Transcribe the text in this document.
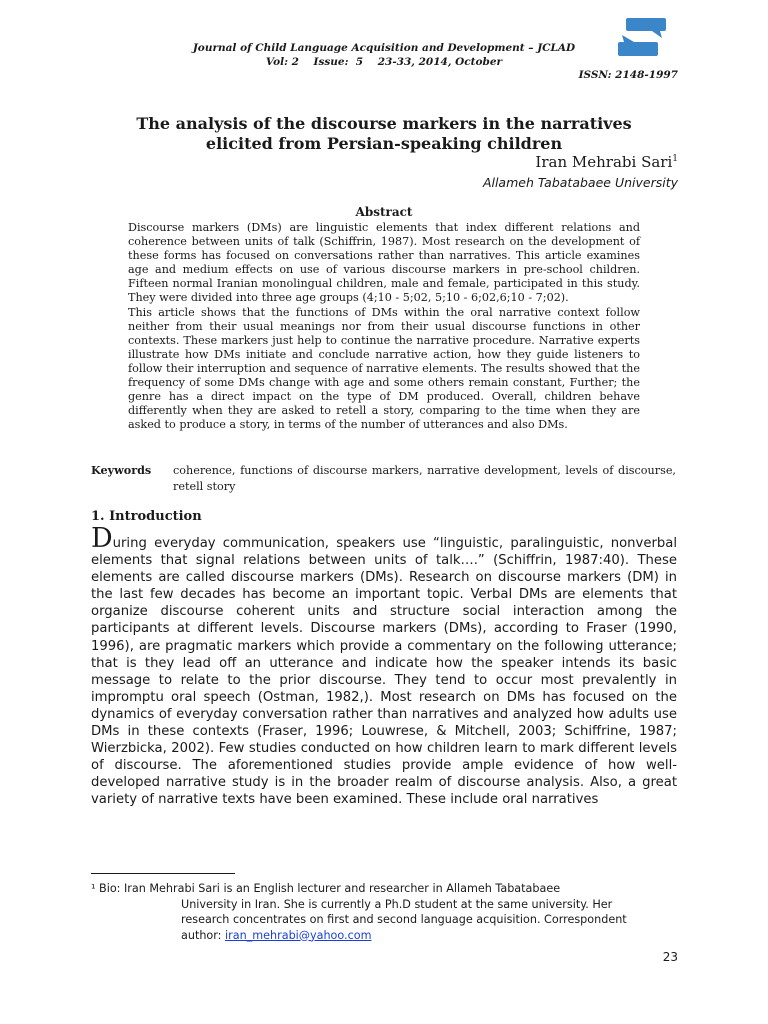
Journal of Child Language Acquisition and Development – JCLAD
Vol: 2    Issue:  5    23-33, 2014, October
ISSN: 2148-1997
The analysis of the discourse markers in the narratives
elicited from Persian-speaking children
Iran Mehrabi Sari$^1$
Allameh Tabatabaee University
Abstract

Discourse markers (DMs) are linguistic elements that index different relations and coherence between units of talk (Schiffrin, 1987). Most research on the development of these forms has focused on conversations rather than narratives. This article examines age and medium effects on use of various discourse markers in pre-school children. Fifteen normal Iranian monolingual children, male and female, participated in this study. They were divided into three age groups (4;10 - 5;02, 5;10 - 6;02,6;10 - 7;02).

This article shows that the functions of DMs within the oral narrative context follow neither from their usual meanings nor from their usual discourse functions in other contexts. These markers just help to continue the narrative procedure. Narrative experts illustrate how DMs initiate and conclude narrative action, how they guide listeners to follow their interruption and sequence of narrative elements. The results showed that the frequency of some DMs change with age and some others remain constant, Further; the genre has a direct impact on the type of DM produced. Overall, children behave differently when they are asked to retell a story, comparing to the time when they are asked to produce a story, in terms of the number of utterances and also DMs.

Keywords coherence, functions of discourse markers, narrative development, levels of discourse, retell story
1. Introduction

During everyday communication, speakers use “linguistic, paralinguistic, nonverbal elements that signal relations between units of talk….” (Schiffrin, 1987:40). These elements are called discourse markers (DMs). Research on discourse markers (DM) in the last few decades has become an important topic. Verbal DMs are elements that organize discourse coherent units and structure social interaction among the participants at different levels. Discourse markers (DMs), according to Fraser (1990, 1996), are pragmatic markers which provide a commentary on the following utterance; that is they lead off an utterance and indicate how the speaker intends its basic message to relate to the prior discourse. They tend to occur most prevalently in impromptu oral speech (Ostman, 1982,). Most research on DMs has focused on the dynamics of everyday conversation rather than narratives and analyzed how adults use DMs in these contexts (Fraser, 1996; Louwrese, & Mitchell, 2003; Schiffrine, 1987; Wierzbicka, 2002). Few studies conducted on how children learn to mark different levels of discourse. The aforementioned studies provide ample evidence of how well-developed narrative study is in the broader realm of discourse analysis. Also, a great variety of narrative texts have been examined. These include oral narratives

¹ Bio: Iran Mehrabi Sari is an English lecturer and researcher in Allameh Tabatabaee
University in Iran. She is currently a Ph.D student at the same university. Her
research concentrates on first and second language acquisition. Correspondent
author: iran_mehrabi@yahoo.com
23
